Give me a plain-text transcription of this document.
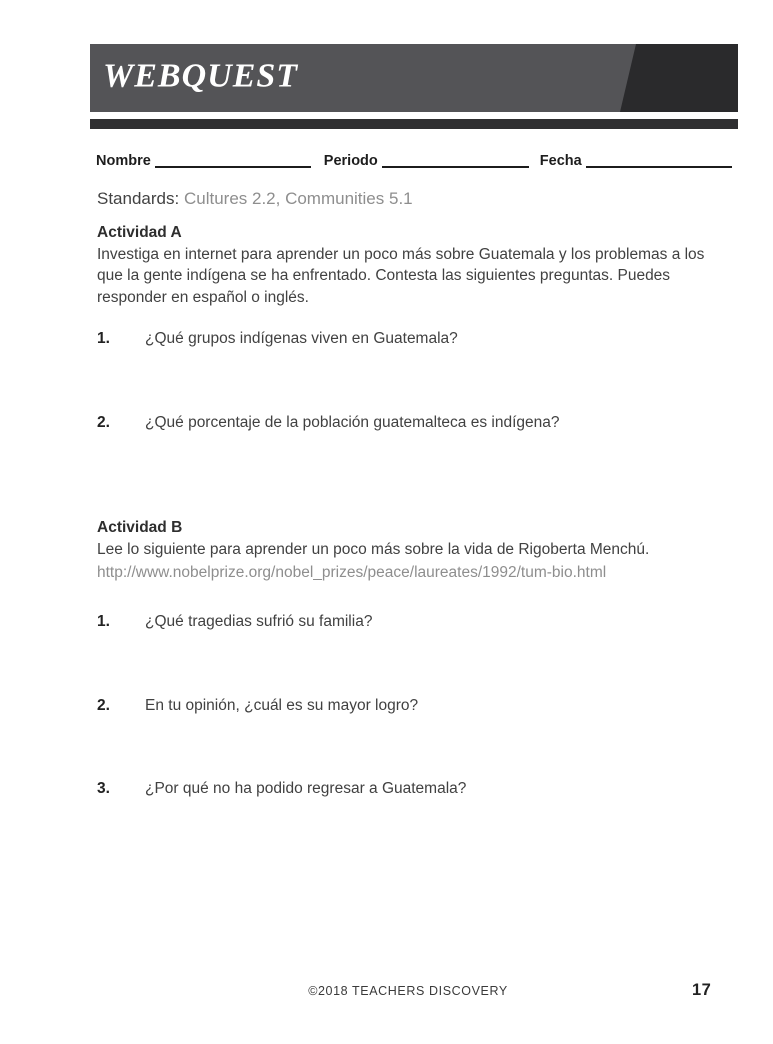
WEBQUEST
Nombre	Periodo	Fecha
Standards: Cultures 2.2, Communities 5.1
Actividad A

Investiga en internet para aprender un poco más sobre Guatemala y los problemas a los que la gente indígena se ha enfrentado. Contesta las siguientes preguntas. Puedes responder en español o inglés.

1.	¿Qué grupos indígenas viven en Guatemala?
2.	¿Qué porcentaje de la población guatemalteca es indígena?
Actividad B

Lee lo siguiente para aprender un poco más sobre la vida de Rigoberta Menchú.

http://www.nobelprize.org/nobel_prizes/peace/laureates/1992/tum-bio.html
1.	¿Qué tragedias sufrió su familia?
2.	En tu opinión, ¿cuál es su mayor logro?
3.	¿Por qué no ha podido regresar a Guatemala?
©2018 TEACHERS DISCOVERY	17
